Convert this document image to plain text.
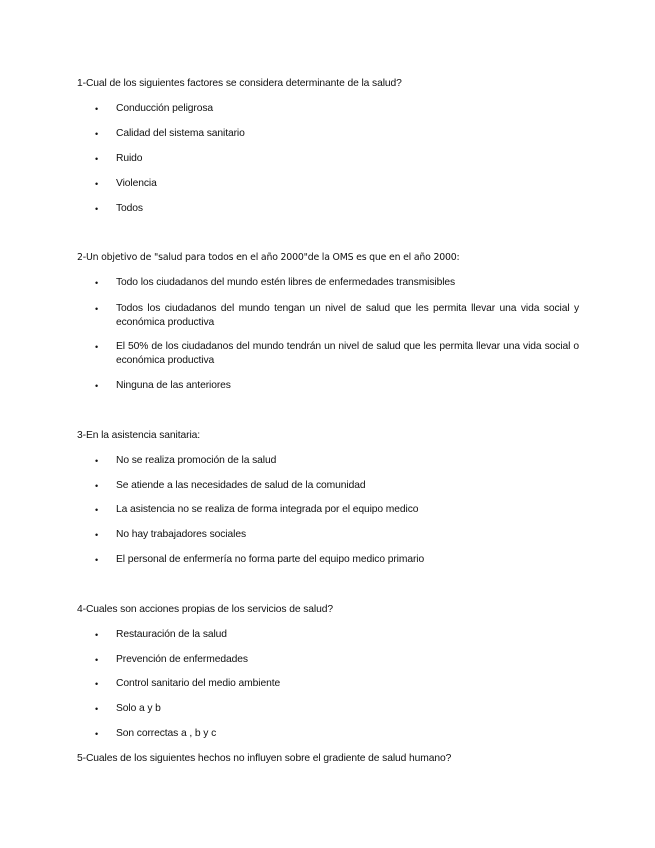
1-Cual de los siguientes factores se considera determinante de la salud?
• Conducción peligrosa
• Calidad del sistema sanitario
• Ruido
• Violencia
• Todos
2-Un objetivo de "salud para todos en el año 2000"de la OMS es que en el año 2000:
• Todo los ciudadanos del mundo estén libres de enfermedades transmisibles
• Todos los ciudadanos del mundo tengan un nivel de salud que les permita llevar una vida social y económica productiva
• El 50% de los ciudadanos del mundo tendrán un nivel de salud que les permita llevar una vida social o económica productiva
• Ninguna de las anteriores
3-En la asistencia sanitaria:
• No se realiza promoción de la salud
• Se atiende a las necesidades de salud de la comunidad
• La asistencia no se realiza de forma integrada por el equipo medico
• No hay trabajadores sociales
• El personal de enfermería no forma parte del equipo medico primario
4-Cuales son acciones propias de los servicios de salud?
• Restauración de la salud
• Prevención de enfermedades
• Control sanitario del medio ambiente
• Solo a y b
• Son correctas a , b y c
5-Cuales de los siguientes hechos no influyen sobre el gradiente de salud humano?
